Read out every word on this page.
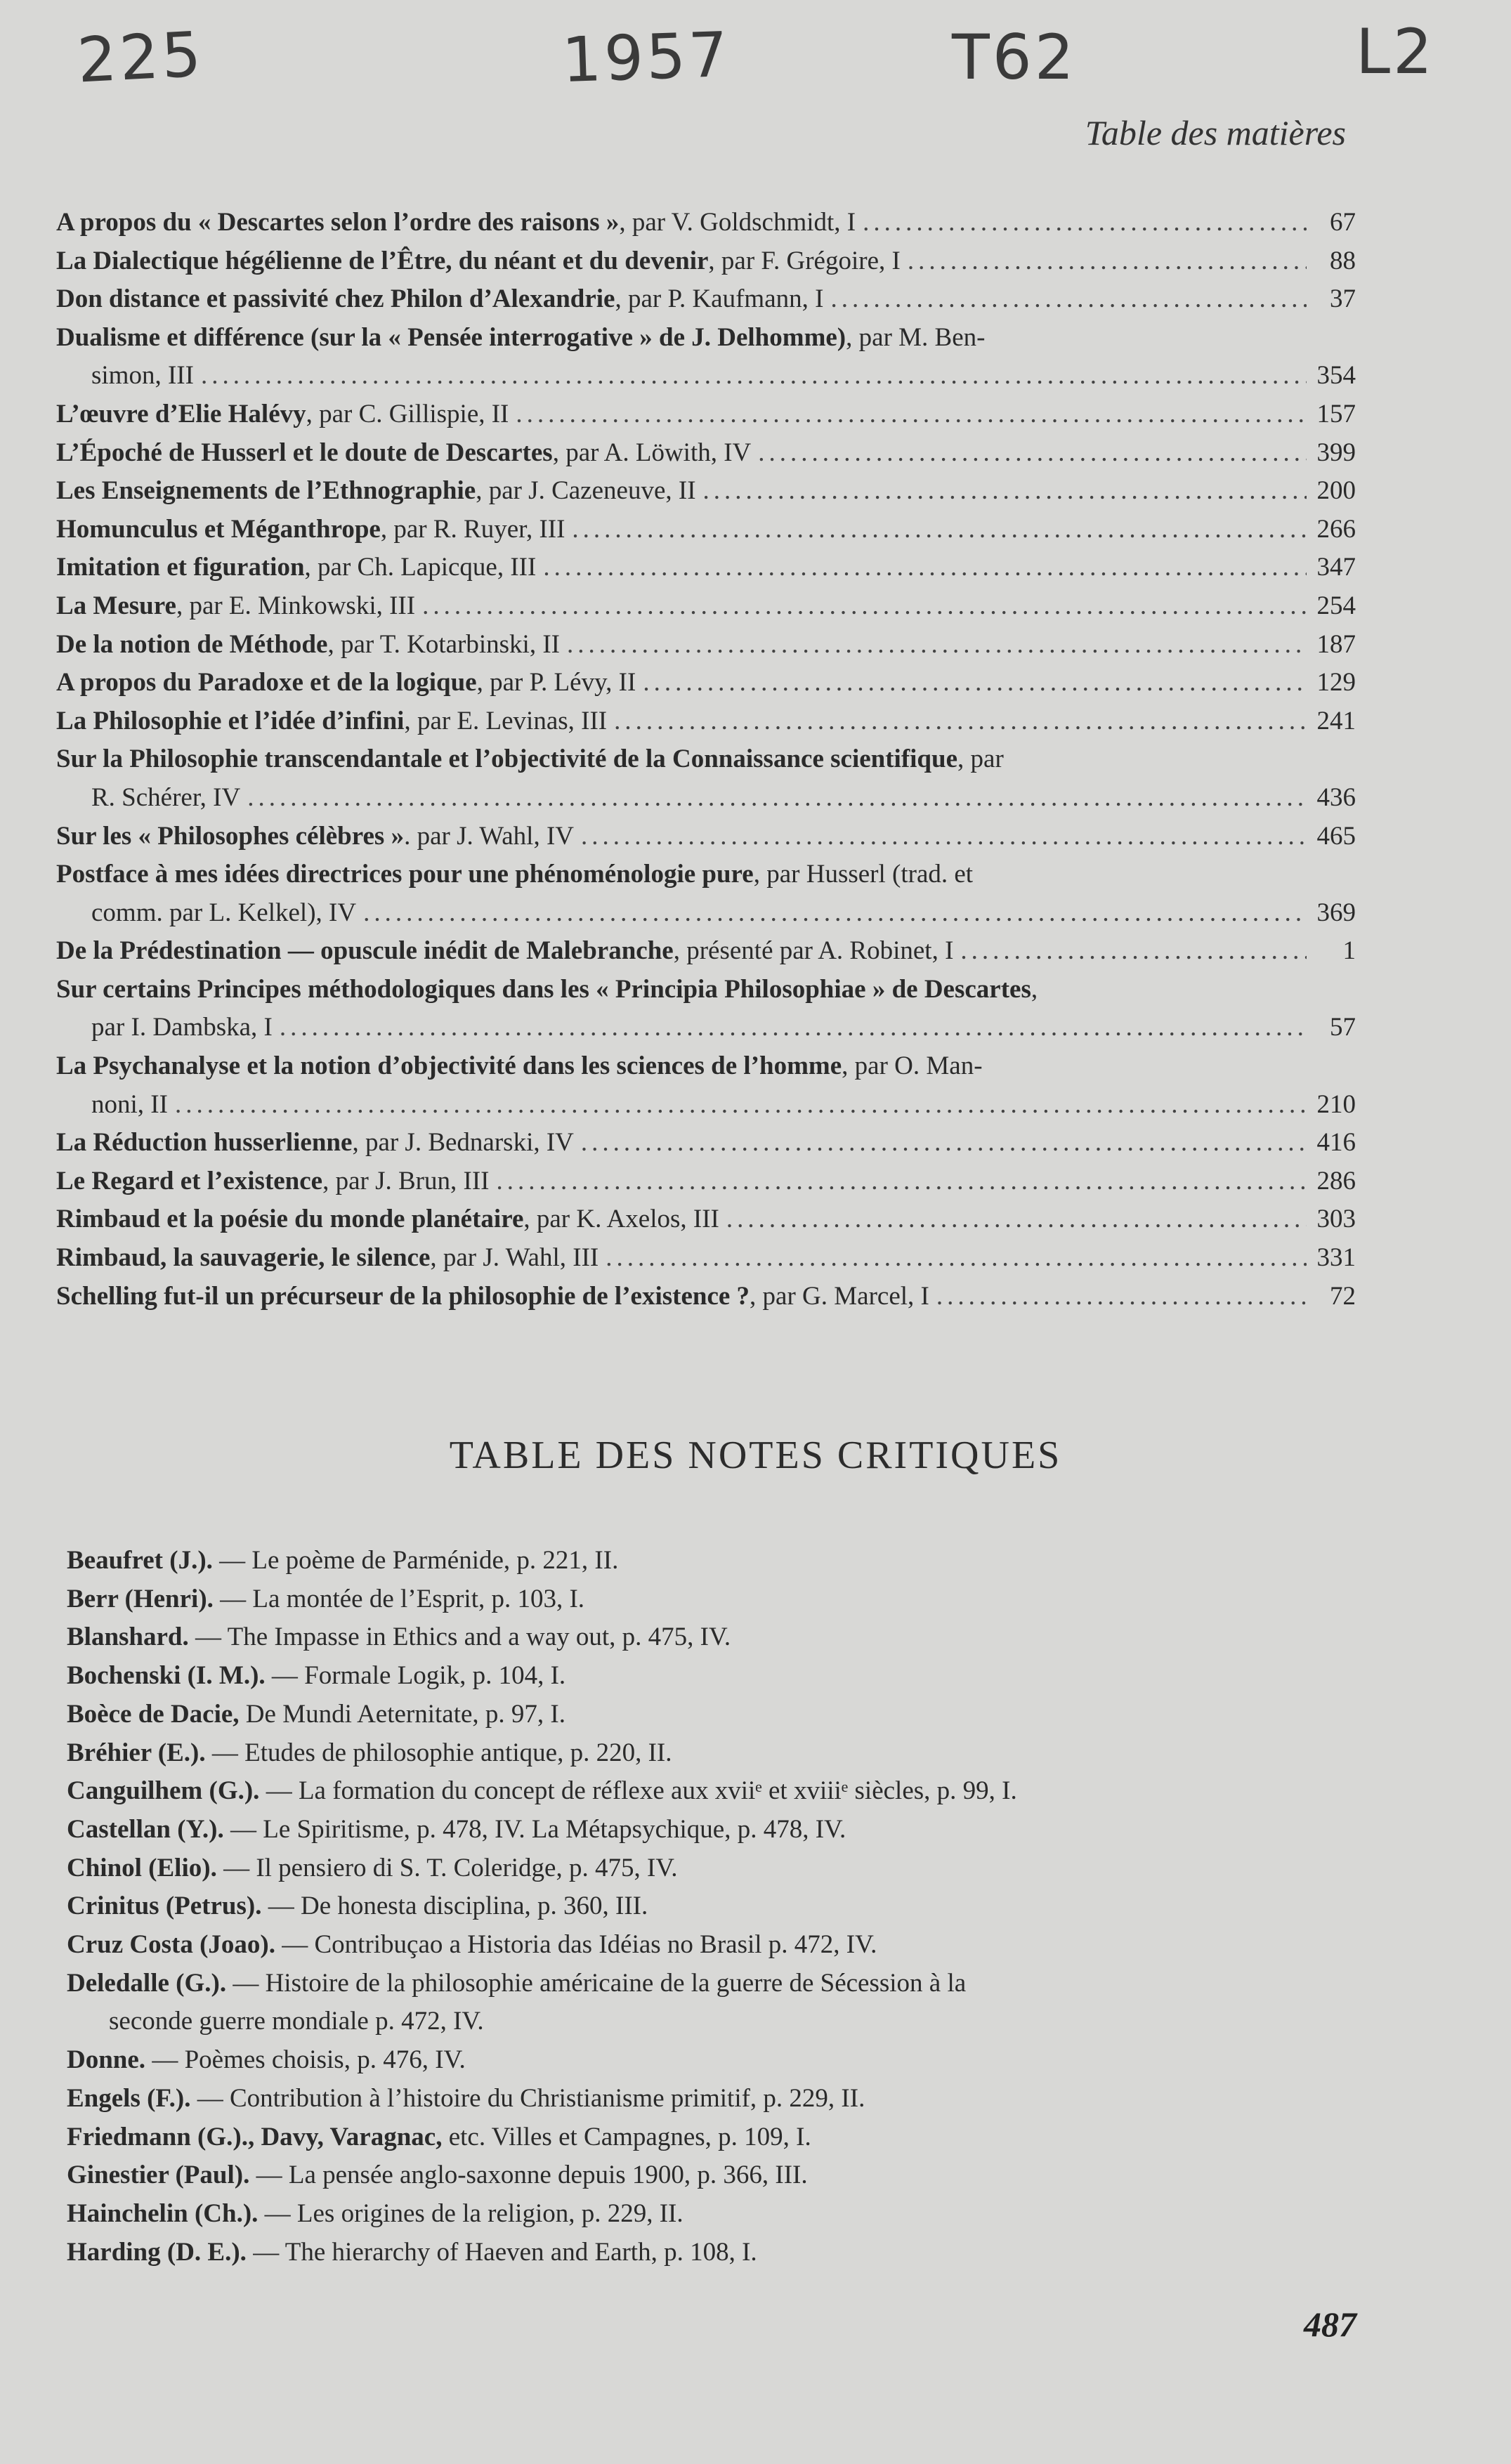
225	1957	T62	L2
Table des matières
A propos du « Descartes selon l’ordre des raisons », par V. Goldschmidt, I .....	67
La Dialectique hégélienne de l’Être, du néant et du devenir, par F. Grégoire, I .....	88
Don distance et passivité chez Philon d’Alexandrie, par P. Kaufmann, I .....	37
Dualisme et différence (sur la « Pensée interrogative » de J. Delhomme), par M. Ben-
simon, III .....	354
L’œuvre d’Elie Halévy, par C. Gillispie, II .....	157
L’Époché de Husserl et le doute de Descartes, par A. Löwith, IV .....	399
Les Enseignements de l’Ethnographie, par J. Cazeneuve, II .....	200
Homunculus et Méganthrope, par R. Ruyer, III .....	266
Imitation et figuration, par Ch. Lapicque, III .....	347
La Mesure, par E. Minkowski, III .....	254
De la notion de Méthode, par T. Kotarbinski, II .....	187
A propos du Paradoxe et de la logique, par P. Lévy, II .....	129
La Philosophie et l’idée d’infini, par E. Levinas, III .....	241
Sur la Philosophie transcendantale et l’objectivité de la Connaissance scientifique, par
R. Schérer, IV .....	436
Sur les « Philosophes célèbres ». par J. Wahl, IV .....	465
Postface à mes idées directrices pour une phénoménologie pure, par Husserl (trad. et
comm. par L. Kelkel), IV .....	369
De la Prédestination — opuscule inédit de Malebranche, présenté par A. Robinet, I .....	1
Sur certains Principes méthodologiques dans les « Principia Philosophiae » de Descartes,
par I. Dambska, I .....	57
La Psychanalyse et la notion d’objectivité dans les sciences de l’homme, par O. Man-
noni, II .....	210
La Réduction husserlienne, par J. Bednarski, IV .....	416
Le Regard et l’existence, par J. Brun, III .....	286
Rimbaud et la poésie du monde planétaire, par K. Axelos, III .....	303
Rimbaud, la sauvagerie, le silence, par J. Wahl, III .....	331
Schelling fut-il un précurseur de la philosophie de l’existence ?, par G. Marcel, I .....	72
TABLE DES NOTES CRITIQUES
Beaufret (J.). — Le poème de Parménide, p. 221, II.
Berr (Henri). — La montée de l’Esprit, p. 103, I.
Blanshard. — The Impasse in Ethics and a way out, p. 475, IV.
Bochenski (I. M.). — Formale Logik, p. 104, I.
Boèce de Dacie, De Mundi Aeternitate, p. 97, I.
Bréhier (E.). — Etudes de philosophie antique, p. 220, II.
Canguilhem (G.). — La formation du concept de réflexe aux xviiᵉ et xviiiᵉ siècles, p. 99, I.
Castellan (Y.). — Le Spiritisme, p. 478, IV. La Métapsychique, p. 478, IV.
Chinol (Elio). — Il pensiero di S. T. Coleridge, p. 475, IV.
Crinitus (Petrus). — De honesta disciplina, p. 360, III.
Cruz Costa (Joao). — Contribuçao a Historia das Idéias no Brasil p. 472, IV.
Deledalle (G.). — Histoire de la philosophie américaine de la guerre de Sécession à la
seconde guerre mondiale p. 472, IV.
Donne. — Poèmes choisis, p. 476, IV.
Engels (F.). — Contribution à l’histoire du Christianisme primitif, p. 229, II.
Friedmann (G.)., Davy, Varagnac, etc. Villes et Campagnes, p. 109, I.
Ginestier (Paul). — La pensée anglo-saxonne depuis 1900, p. 366, III.
Hainchelin (Ch.). — Les origines de la religion, p. 229, II.
Harding (D. E.). — The hierarchy of Haeven and Earth, p. 108, I.
487
